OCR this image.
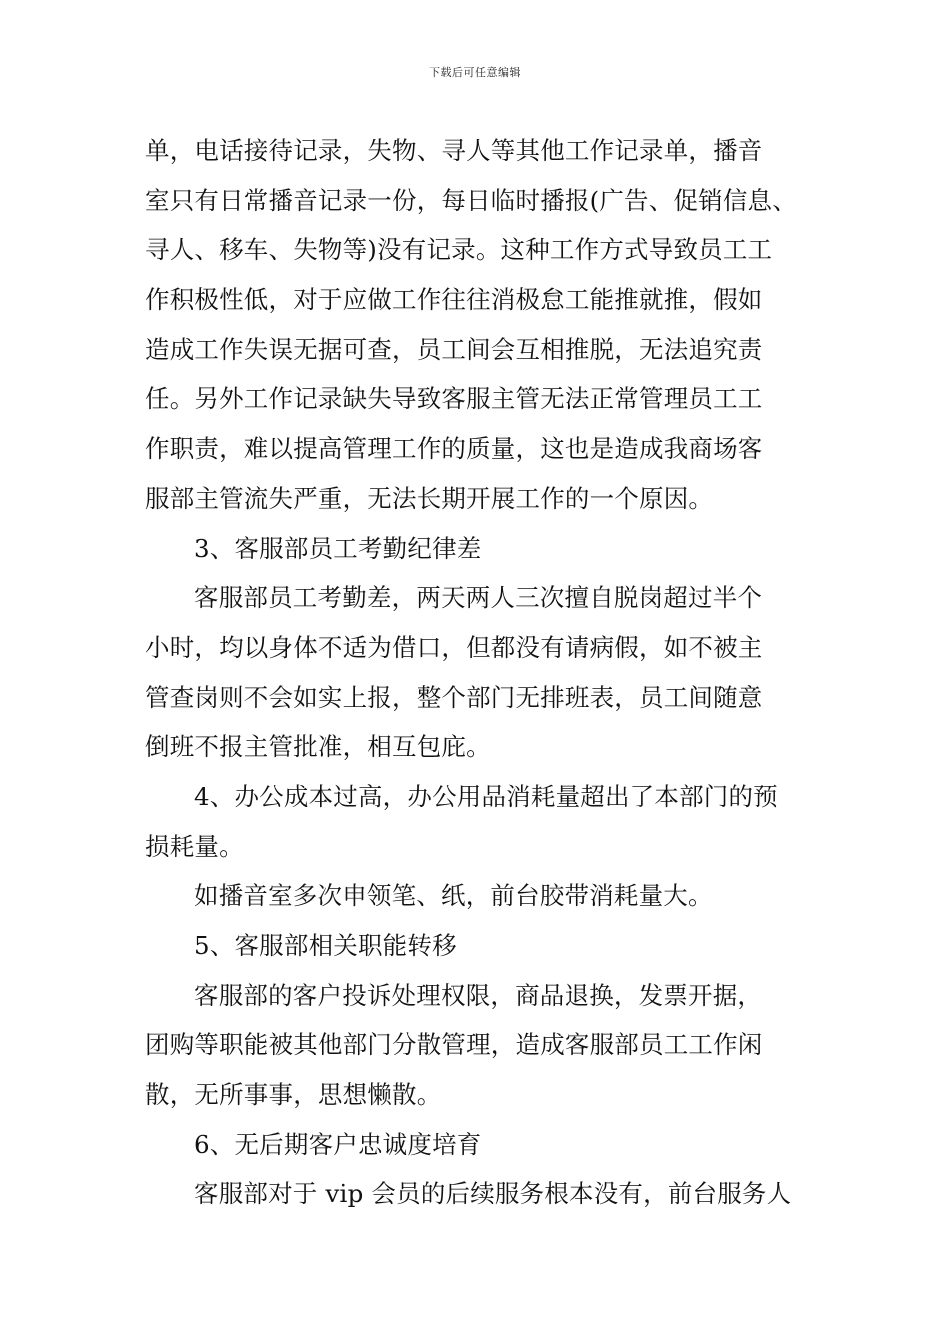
下载后可任意编辑
单，电话接待记录，失物、寻人等其他工作记录单，播音
室只有日常播音记录一份，每日临时播报(广告、促销信息、
寻人、移车、失物等)没有记录。这种工作方式导致员工工
作积极性低，对于应做工作往往消极怠工能推就推，假如
造成工作失误无据可查，员工间会互相推脱，无法追究责
任。另外工作记录缺失导致客服主管无法正常管理员工工
作职责，难以提高管理工作的质量，这也是造成我商场客
服部主管流失严重，无法长期开展工作的一个原因。
3、客服部员工考勤纪律差
客服部员工考勤差，两天两人三次擅自脱岗超过半个
小时，均以身体不适为借口，但都没有请病假，如不被主
管查岗则不会如实上报，整个部门无排班表，员工间随意
倒班不报主管批准，相互包庇。
4、办公成本过高，办公用品消耗量超出了本部门的预
损耗量。
如播音室多次申领笔、纸，前台胶带消耗量大。
5、客服部相关职能转移
客服部的客户投诉处理权限，商品退换，发票开据，
团购等职能被其他部门分散管理，造成客服部员工工作闲
散，无所事事，思想懒散。
6、无后期客户忠诚度培育
客服部对于 vip 会员的后续服务根本没有，前台服务人
